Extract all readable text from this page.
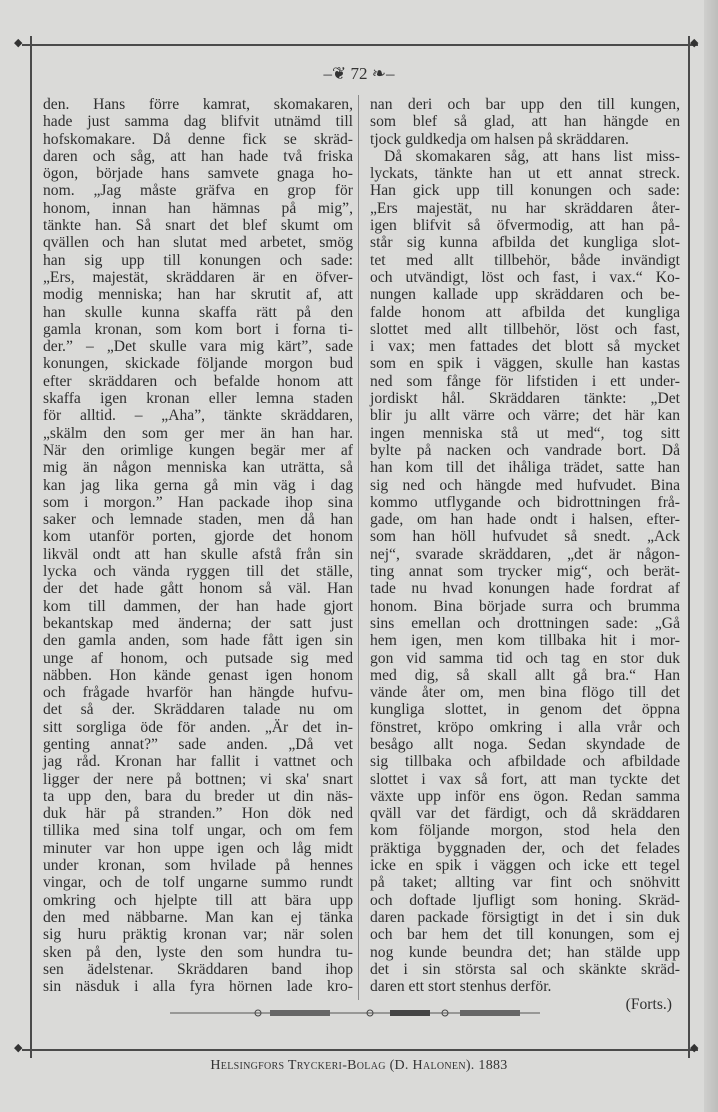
◆	◆
◆	◆
–❦ 72 ❧–
den. Hans förre kamrat, skomakaren,
hade just samma dag blifvit utnämd till
hofskomakare. Då denne fick se skräd-
daren och såg, att han hade två friska
ögon, började hans samvete gnaga ho-
nom. „Jag måste gräfva en grop för
honom, innan han hämnas på mig”,
tänkte han. Så snart det blef skumt om
qvällen och han slutat med arbetet, smög
han sig upp till konungen och sade:
„Ers, majestät, skräddaren är en öfver-
modig menniska; han har skrutit af, att
han skulle kunna skaffa rätt på den
gamla kronan, som kom bort i forna ti-
der.” – „Det skulle vara mig kärt”, sade
konungen, skickade följande morgon bud
efter skräddaren och befalde honom att
skaffa igen kronan eller lemna staden
för alltid. – „Aha”, tänkte skräddaren,
„skälm den som ger mer än han har.
När den orimlige kungen begär mer af
mig än någon menniska kan uträtta, så
kan jag lika gerna gå min väg i dag
som i morgon.” Han packade ihop sina
saker och lemnade staden, men då han
kom utanför porten, gjorde det honom
likväl ondt att han skulle afstå från sin
lycka och vända ryggen till det ställe,
der det hade gått honom så väl. Han
kom till dammen, der han hade gjort
bekantskap med änderna; der satt just
den gamla anden, som hade fått igen sin
unge af honom, och putsade sig med
näbben. Hon kände genast igen honom
och frågade hvarför han hängde hufvu-
det så der. Skräddaren talade nu om
sitt sorgliga öde för anden. „Är det in-
genting annat?” sade anden. „Då vet
jag råd. Kronan har fallit i vattnet och
ligger der nere på bottnen; vi ska' snart
ta upp den, bara du breder ut din näs-
duk här på stranden.” Hon dök ned
tillika med sina tolf ungar, och om fem
minuter var hon uppe igen och låg midt
under kronan, som hvilade på hennes
vingar, och de tolf ungarne summo rundt
omkring och hjelpte till att bära upp
den med näbbarne. Man kan ej tänka
sig huru präktig kronan var; när solen
sken på den, lyste den som hundra tu-
sen ädelstenar. Skräddaren band ihop
sin näsduk i alla fyra hörnen lade kro-
nan deri och bar upp den till kungen,
som blef så glad, att han hängde en
tjock guldkedja om halsen på skräddaren.
Då skomakaren såg, att hans list miss-
lyckats, tänkte han ut ett annat streck.
Han gick upp till konungen och sade:
„Ers majestät, nu har skräddaren åter-
igen blifvit så öfvermodig, att han på-
står sig kunna afbilda det kungliga slot-
tet med allt tillbehör, både invändigt
och utvändigt, löst och fast, i vax.“ Ko-
nungen kallade upp skräddaren och be-
falde honom att afbilda det kungliga
slottet med allt tillbehör, löst och fast,
i vax; men fattades det blott så mycket
som en spik i väggen, skulle han kastas
ned som fånge för lifstiden i ett under-
jordiskt hål. Skräddaren tänkte: „Det
blir ju allt värre och värre; det här kan
ingen menniska stå ut med“, tog sitt
bylte på nacken och vandrade bort. Då
han kom till det ihåliga trädet, satte han
sig ned och hängde med hufvudet. Bina
kommo utflygande och bidrottningen frå-
gade, om han hade ondt i halsen, efter-
som han höll hufvudet så snedt. „Ack
nej“, svarade skräddaren, „det är någon-
ting annat som trycker mig“, och berät-
tade nu hvad konungen hade fordrat af
honom. Bina började surra och brumma
sins emellan och drottningen sade: „Gå
hem igen, men kom tillbaka hit i mor-
gon vid samma tid och tag en stor duk
med dig, så skall allt gå bra.“ Han
vände åter om, men bina flögo till det
kungliga slottet, in genom det öppna
fönstret, kröpo omkring i alla vrår och
besågo allt noga. Sedan skyndade de
sig tillbaka och afbildade och afbildade
slottet i vax så fort, att man tyckte det
växte upp inför ens ögon. Redan samma
qväll var det färdigt, och då skräddaren
kom följande morgon, stod hela den
präktiga byggnaden der, och det felades
icke en spik i väggen och icke ett tegel
på taket; allting var fint och snöhvitt
och doftade ljufligt som honing. Skräd-
daren packade försigtigt in det i sin duk
och bar hem det till konungen, som ej
nog kunde beundra det; han stälde upp
det i sin största sal och skänkte skräd-
daren ett stort stenhus derför.
(Forts.)
Helsingfors Tryckeri-Bolag (D. Halonen). 1883
